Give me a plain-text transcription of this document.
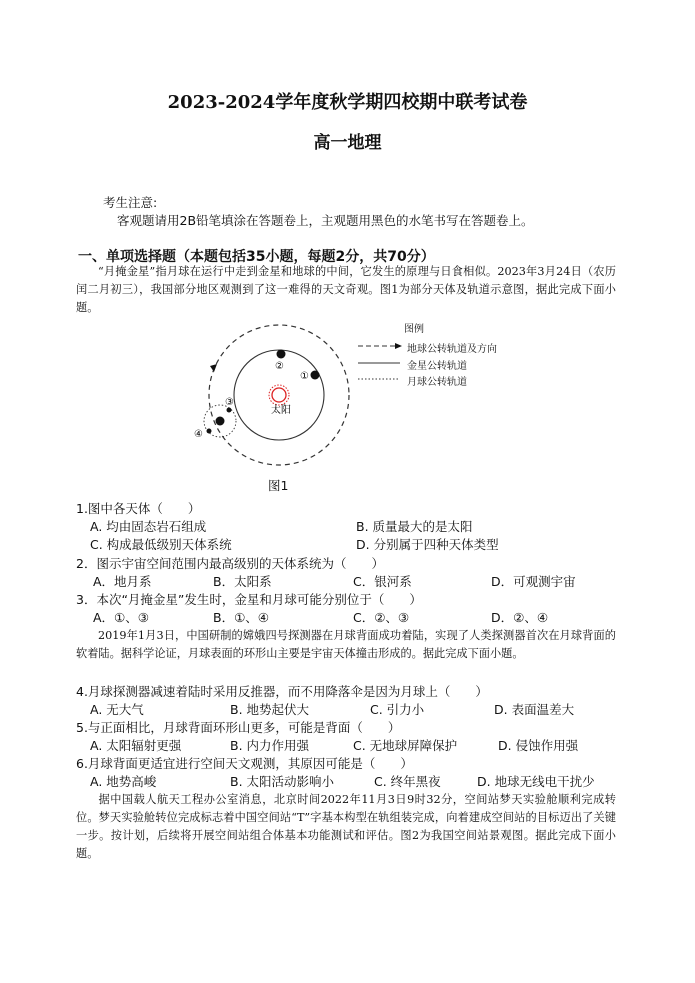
2023-2024学年度秋学期四校期中联考试卷
高一地理
考生注意:
客观题请用2B铅笔填涂在答题卷上，主观题用黑色的水笔书写在答题卷上。
一、单项选择题（本题包括35小题，每题2分，共70分）
“月掩金星”指月球在运行中走到金星和地球的中间，它发生的原理与日食相似。2023年3月24日（农历闰二月初三），我国部分地区观测到了这一难得的天文奇观。图1为部分天体及轨道示意图，据此完成下面小题。
太阳
②
①
③
④
图例
地球公转轨道及方向
金星公转轨道
月球公转轨道
图1
1.图中各天体（　　）
A. 均由固态岩石组成	B. 质量最大的是太阳
C. 构成最低级别天体系统	D. 分别属于四种天体类型
2．图示宇宙空间范围内最高级别的天体系统为（　　）
A．地月系	B．太阳系	C．银河系	D．可观测宇宙
3．本次“月掩金星”发生时，金星和月球可能分别位于（　　）
A．①、③	B．①、④	C．②、③	D．②、④
2019年1月3日，中国研制的嫦娥四号探测器在月球背面成功着陆，实现了人类探测器首次在月球背面的软着陆。据科学论证，月球表面的环形山主要是宇宙天体撞击形成的。据此完成下面小题。
4.月球探测器减速着陆时采用反推器，而不用降落伞是因为月球上（　　）
A. 无大气	B. 地势起伏大	C. 引力小	D. 表面温差大
5.与正面相比，月球背面环形山更多，可能是背面（　　）
A. 太阳辐射更强	B. 内力作用强	C. 无地球屏障保护	D. 侵蚀作用强
6.月球背面更适宜进行空间天文观测，其原因可能是（　　）
A. 地势高峻	B. 太阳活动影响小	C. 终年黑夜	D. 地球无线电干扰少
据中国载人航天工程办公室消息，北京时间2022年11月3日9时32分，空间站梦天实验舱顺利完成转位。梦天实验舱转位完成标志着中国空间站“T”字基本构型在轨组装完成，向着建成空间站的目标迈出了关键一步。按计划，后续将开展空间站组合体基本功能测试和评估。图2为我国空间站景观图。据此完成下面小题。
